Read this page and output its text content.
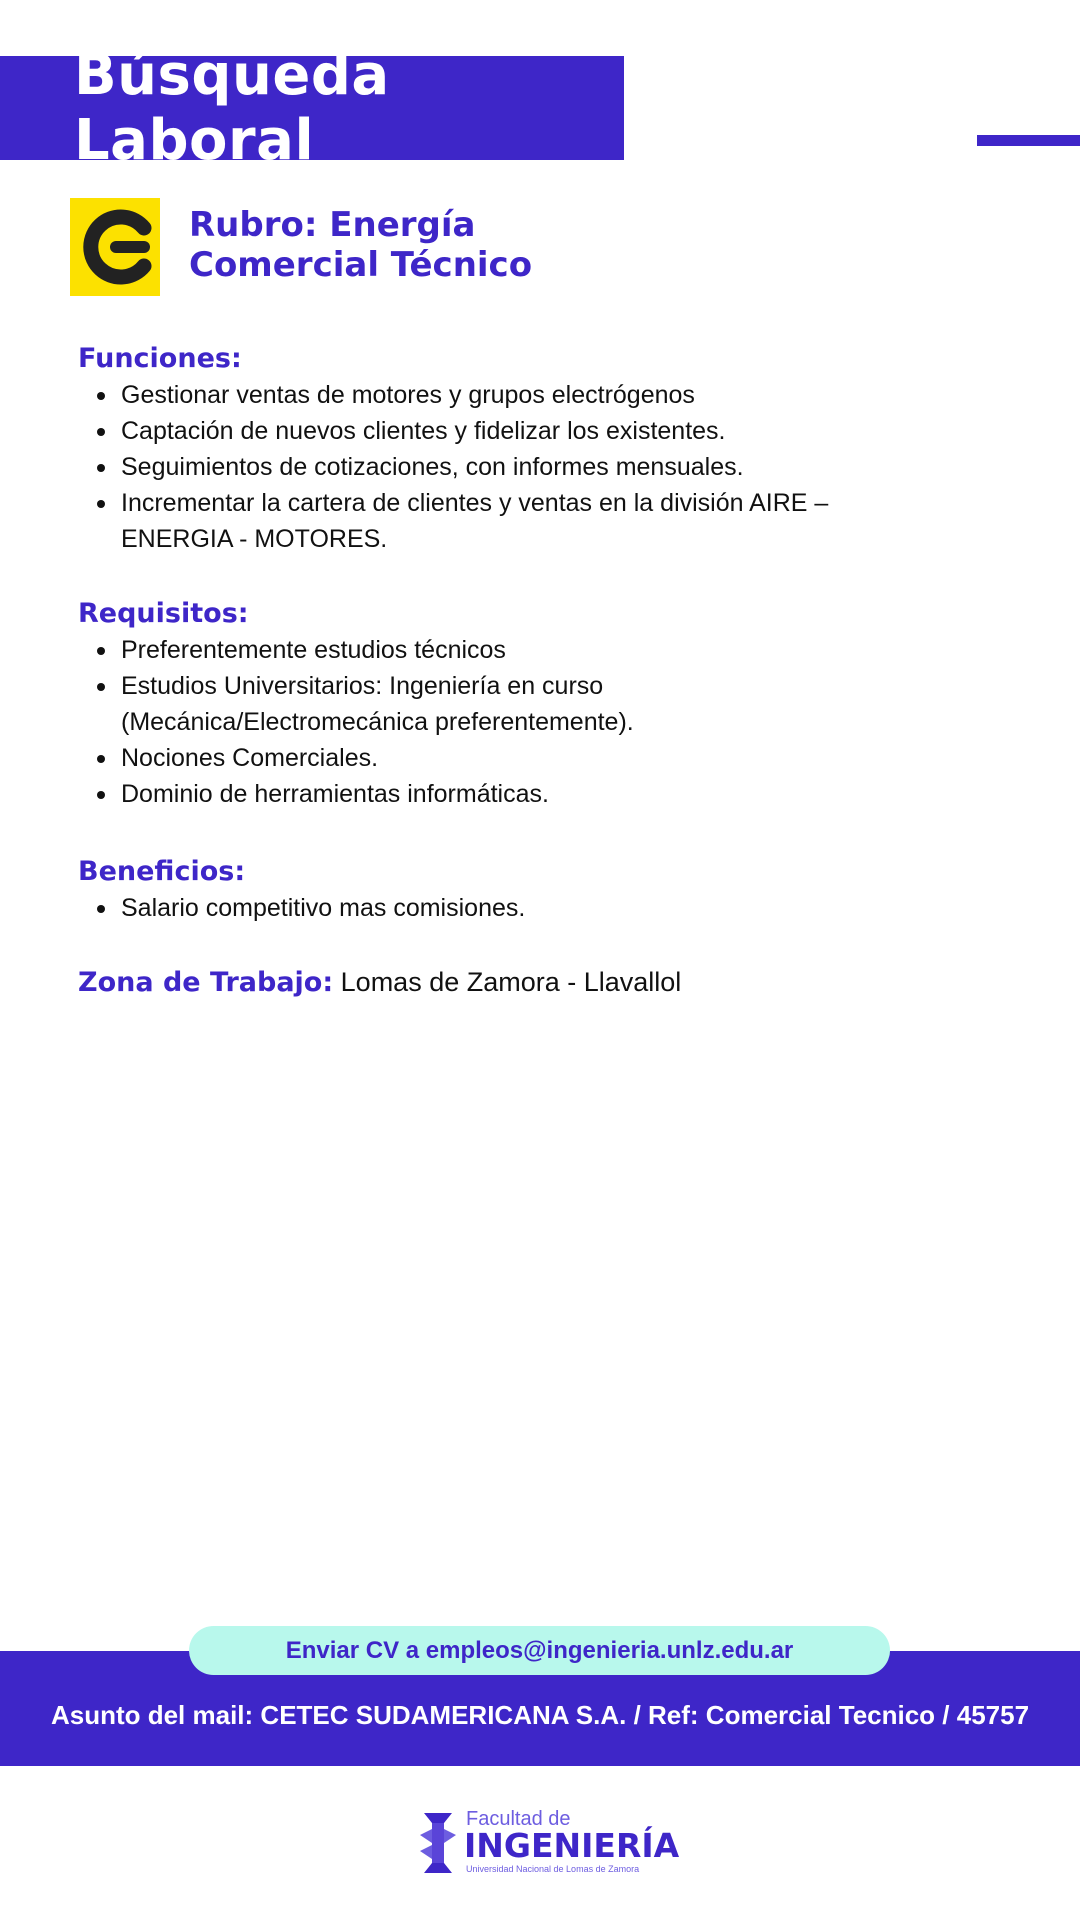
Búsqueda Laboral
Rubro: Energía
Comercial Técnico

Funciones:

Gestionar ventas de motores y grupos electrógenos
Captación de nuevos clientes y fidelizar los existentes.
Seguimientos de cotizaciones, con informes mensuales.
Incrementar la cartera de clientes y ventas en la división AIRE –
ENERGIA - MOTORES.

Requisitos:

Preferentemente estudios técnicos
Estudios Universitarios: Ingeniería en curso
(Mecánica/Electromecánica preferentemente).
Nociones Comerciales.
Dominio de herramientas informáticas.

Beneficios:

Salario competitivo mas comisiones.
Zona de Trabajo: Lomas de Zamora - Llavallol
Enviar CV a empleos@ingenieria.unlz.edu.ar
Asunto del mail: CETEC SUDAMERICANA S.A. / Ref: Comercial Tecnico / 45757
Facultad de
INGENIERÍA
Universidad Nacional de Lomas de Zamora
